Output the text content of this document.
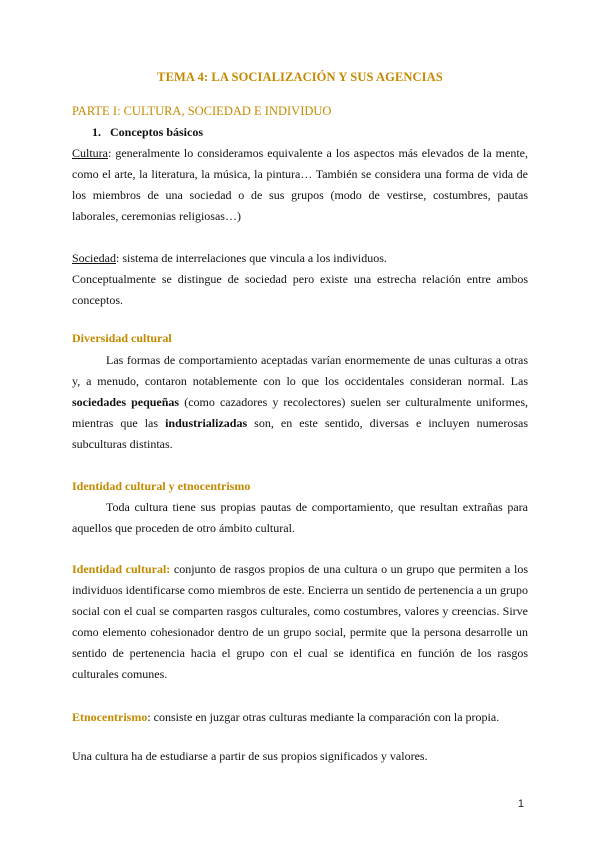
TEMA 4: LA SOCIALIZACIÓN Y SUS AGENCIAS
PARTE I: CULTURA, SOCIEDAD E INDIVIDUO
1. Conceptos básicos
Cultura: generalmente lo consideramos equivalente a los aspectos más elevados de la mente, como el arte, la literatura, la música, la pintura… También se considera una forma de vida de los miembros de una sociedad o de sus grupos (modo de vestirse, costumbres, pautas laborales, ceremonias religiosas…)
Sociedad: sistema de interrelaciones que vincula a los individuos.
Conceptualmente se distingue de sociedad pero existe una estrecha relación entre ambos conceptos.
Diversidad cultural
Las formas de comportamiento aceptadas varían enormemente de unas culturas a otras y, a menudo, contaron notablemente con lo que los occidentales consideran normal. Las sociedades pequeñas (como cazadores y recolectores) suelen ser culturalmente uniformes, mientras que las industrializadas son, en este sentido, diversas e incluyen numerosas subculturas distintas.
Identidad cultural y etnocentrismo
Toda cultura tiene sus propias pautas de comportamiento, que resultan extrañas para aquellos que proceden de otro ámbito cultural.
Identidad cultural: conjunto de rasgos propios de una cultura o un grupo que permiten a los individuos identificarse como miembros de este. Encierra un sentido de pertenencia a un grupo social con el cual se comparten rasgos culturales, como costumbres, valores y creencias. Sirve como elemento cohesionador dentro de un grupo social, permite que la persona desarrolle un sentido de pertenencia hacia el grupo con el cual se identifica en función de los rasgos culturales comunes.
Etnocentrismo: consiste en juzgar otras culturas mediante la comparación con la propia.
Una cultura ha de estudiarse a partir de sus propios significados y valores.
1
